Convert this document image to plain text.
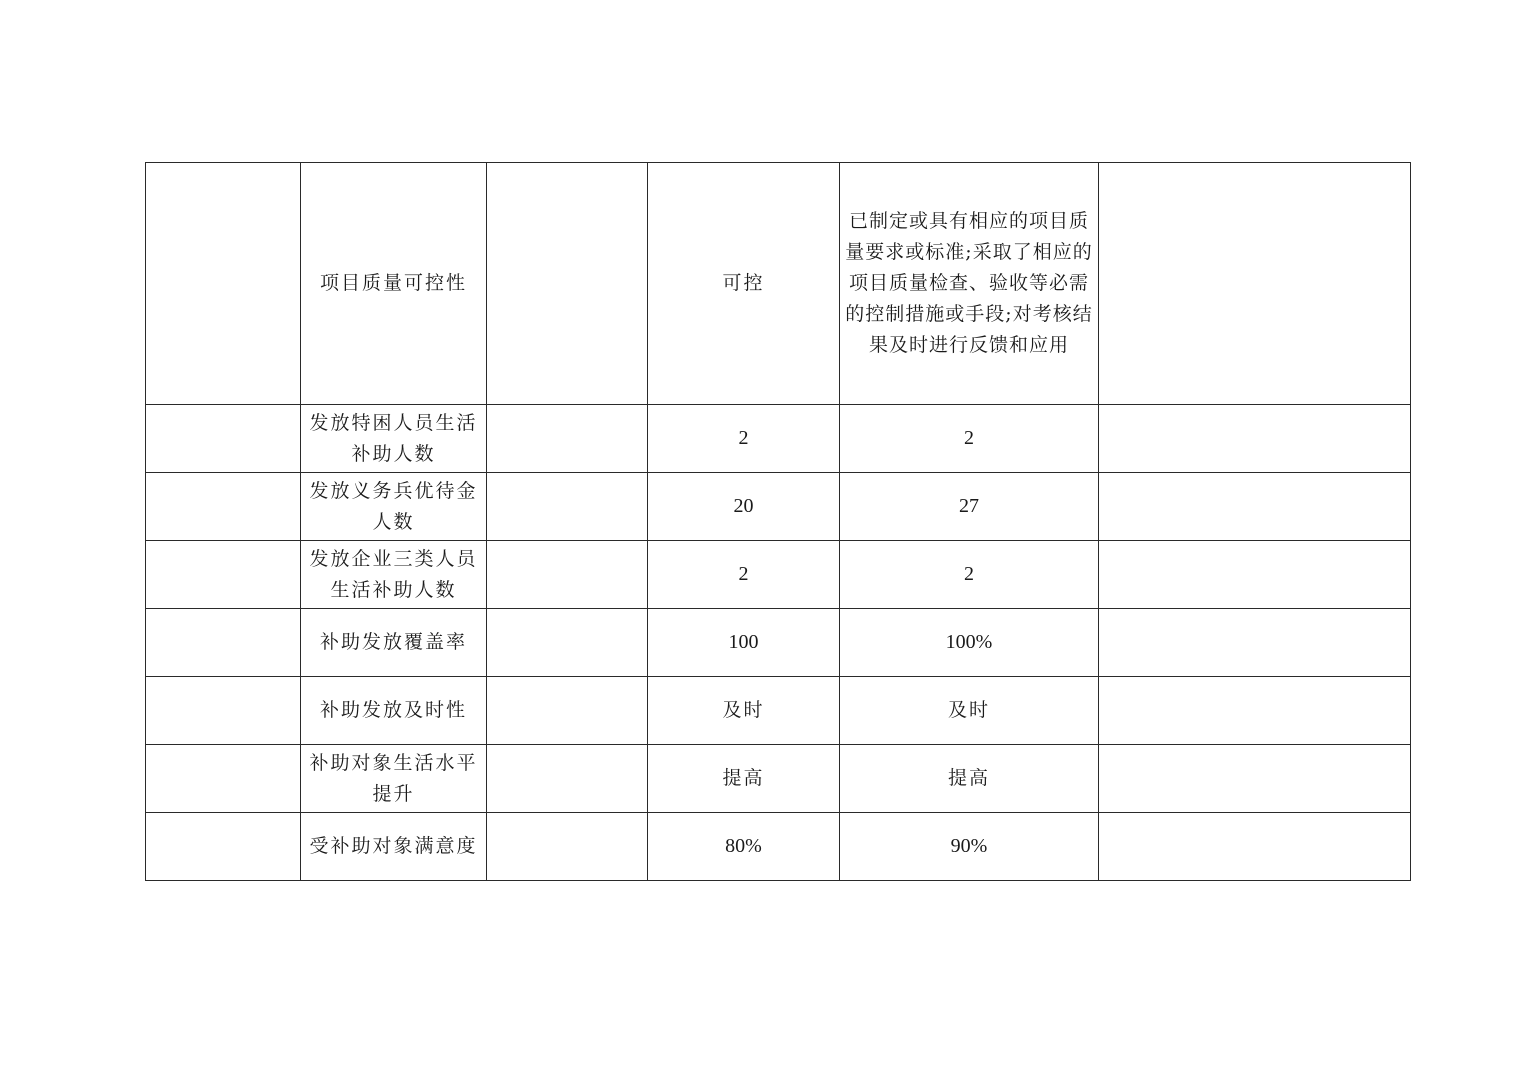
	项目质量可控性		可控	已制定或具有相应的项目质量要求或标准;采取了相应的项目质量检查、验收等必需的控制措施或手段;对考核结果及时进行反馈和应用	
	发放特困人员生活补助人数		2	2	
	发放义务兵优待金人数		20	27	
	发放企业三类人员生活补助人数		2	2	
	补助发放覆盖率		100	100%	
	补助发放及时性		及时	及时	
	补助对象生活水平提升		提高	提高	
	受补助对象满意度		80%	90%	
